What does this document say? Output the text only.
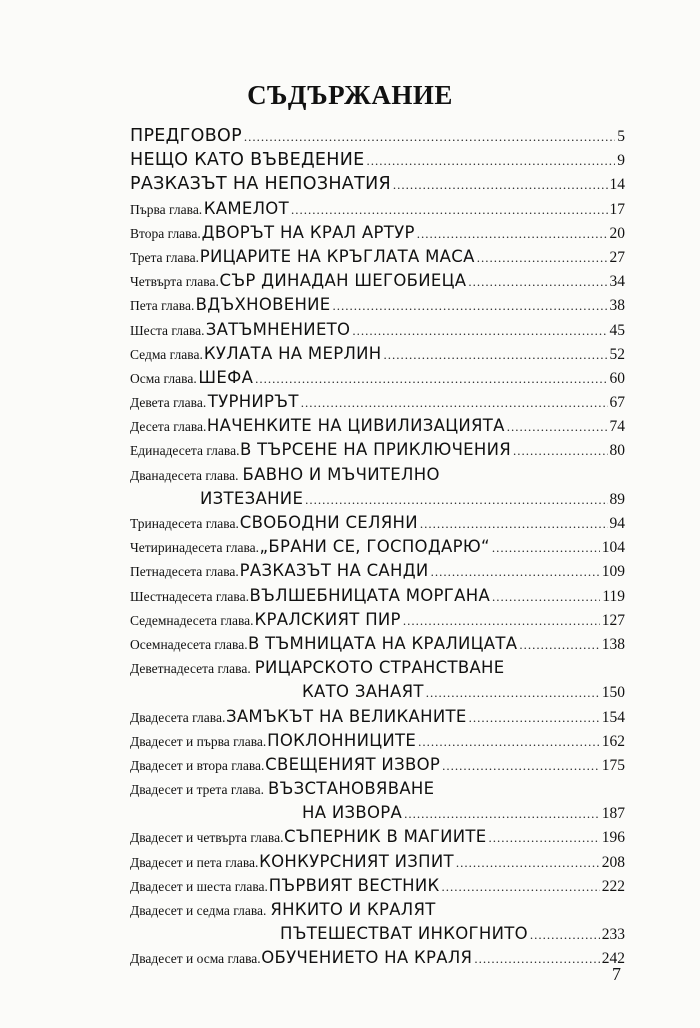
СЪДЪРЖАНИЕ
ПРЕДГОВОР .....	5
НЕЩО КАТО ВЪВЕДЕНИЕ .....	9
РАЗКАЗЪТ НА НЕПОЗНАТИЯ .....	14
Първа глава. КАМЕЛОТ .....	17
Втора глава. ДВОРЪТ НА КРАЛ АРТУР .....	20
Трета глава. РИЦАРИТЕ НА КРЪГЛАТА МАСА .....	27
Четвърта глава. СЪР ДИНАДАН ШЕГОБИЕЦА .....	34
Пета глава. ВДЪХНОВЕНИЕ .....	38
Шеста глава. ЗАТЪМНЕНИЕТО .....	45
Седма глава. КУЛАТА НА МЕРЛИН .....	52
Осма глава. ШЕФА .....	60
Девета глава. ТУРНИРЪТ .....	67
Десета глава. НАЧЕНКИТЕ НА ЦИВИЛИЗАЦИЯТА .....	74
Единадесета глава. В ТЪРСЕНЕ НА ПРИКЛЮЧЕНИЯ .....	80
Дванадесета глава. БАВНО И МЪЧИТЕЛНО
ИЗТЕЗАНИЕ .....	89
Тринадесета глава. СВОБОДНИ СЕЛЯНИ .....	94
Четиринадесета глава. „БРАНИ СЕ, ГОСПОДАРЮ“ .....	104
Петнадесета глава. РАЗКАЗЪТ НА САНДИ .....	109
Шестнадесета глава. ВЪЛШЕБНИЦАТА МОРГАНА .....	119
Седемнадесета глава. КРАЛСКИЯТ ПИР .....	127
Осемнадесета глава. В ТЪМНИЦАТА НА КРАЛИЦАТА .....	138
Деветнадесета глава. РИЦАРСКОТО СТРАНСТВАНЕ
КАТО ЗАНАЯТ .....	150
Двадесета глава. ЗАМЪКЪТ НА ВЕЛИКАНИТЕ .....	154
Двадесет и първа глава. ПОКЛОННИЦИТЕ .....	162
Двадесет и втора глава. СВЕЩЕНИЯТ ИЗВОР .....	175
Двадесет и трета глава. ВЪЗСТАНОВЯВАНЕ
НА ИЗВОРА .....	187
Двадесет и четвърта глава. СЪПЕРНИК В МАГИИТЕ .....	196
Двадесет и пета глава. КОНКУРСНИЯТ ИЗПИТ .....	208
Двадесет и шеста глава. ПЪРВИЯТ ВЕСТНИК .....	222
Двадесет и седма глава. ЯНКИТО И КРАЛЯТ
ПЪТЕШЕСТВАТ ИНКОГНИТО .....	233
Двадесет и осма глава. ОБУЧЕНИЕТО НА КРАЛЯ .....	242
7
